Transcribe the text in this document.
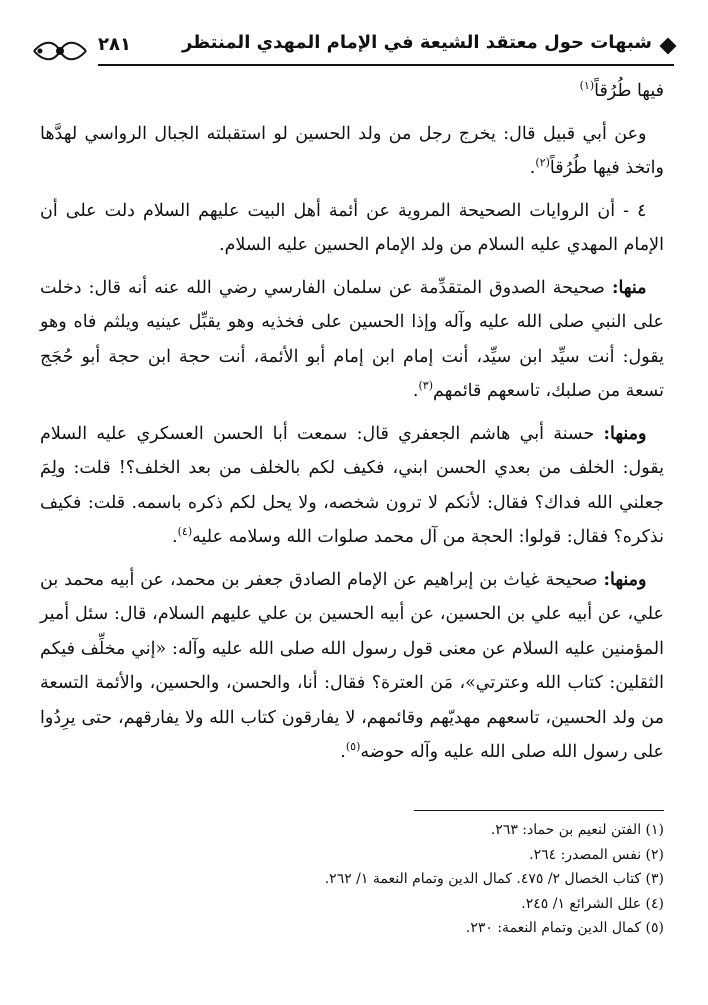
شبهات حول معتقد الشيعة في الإمام المهدي المنتظر
٢٨١

فيها طُرُقاً$^{(١)}$

 وعن أبي قبيل قال: يخرج رجل من ولد الحسين لو استقبلته الجبال الرواسي لهدَّها واتخذ فيها طُرُقاً$^{(٢)}$.

 ٤ - أن الروايات الصحيحة المروية عن أئمة أهل البيت عليهم السلام دلت على أن الإمام المهدي عليه السلام من ولد الإمام الحسين عليه السلام.

 منها: صحيحة الصدوق المتقدِّمة عن سلمان الفارسي رضي الله عنه أنه قال: دخلت على النبي صلى الله عليه وآله وإذا الحسين على فخذيه وهو يقبِّل عينيه ويلثم فاه وهو يقول: أنت سيِّد ابن سيِّد، أنت إمام ابن إمام أبو الأئمة، أنت حجة ابن حجة أبو حُجَج تسعة من صلبك، تاسعهم قائمهم$^{(٣)}$.

 ومنها: حسنة أبي هاشم الجعفري قال: سمعت أبا الحسن العسكري عليه السلام يقول: الخلف من بعدي الحسن ابني، فكيف لكم بالخلف من بعد الخلف؟! قلت: ولِمَ جعلني الله فداك؟ فقال: لأنكم لا ترون شخصه، ولا يحل لكم ذكره باسمه. قلت: فكيف نذكره؟ فقال: قولوا: الحجة من آل محمد صلوات الله وسلامه عليه$^{(٤)}$.

 ومنها: صحيحة غياث بن إبراهيم عن الإمام الصادق جعفر بن محمد، عن أبيه محمد بن علي، عن أبيه علي بن الحسين، عن أبيه الحسين بن علي عليهم السلام، قال: سئل أمير المؤمنين عليه السلام عن معنى قول رسول الله صلى الله عليه وآله: «إني مخلِّف فيكم الثقلين: كتاب الله وعترتي»، مَن العترة؟ فقال: أنا، والحسن، والحسين، والأئمة التسعة من ولد الحسين، تاسعهم مهديّهم وقائمهم، لا يفارقون كتاب الله ولا يفارقهم، حتى يرِدُوا على رسول الله صلى الله عليه وآله حوضه$^{(٥)}$.

(١) الفتن لنعيم بن حماد: ٢٦٣.
(٢) نفس المصدر: ٢٦٤.
(٣) كتاب الخصال ٢/ ٤٧٥. كمال الدين وتمام النعمة ١/ ٢٦٢.
(٤) علل الشرائع ١/ ٢٤٥.
(٥) كمال الدين وتمام النعمة: ٢٣٠.
